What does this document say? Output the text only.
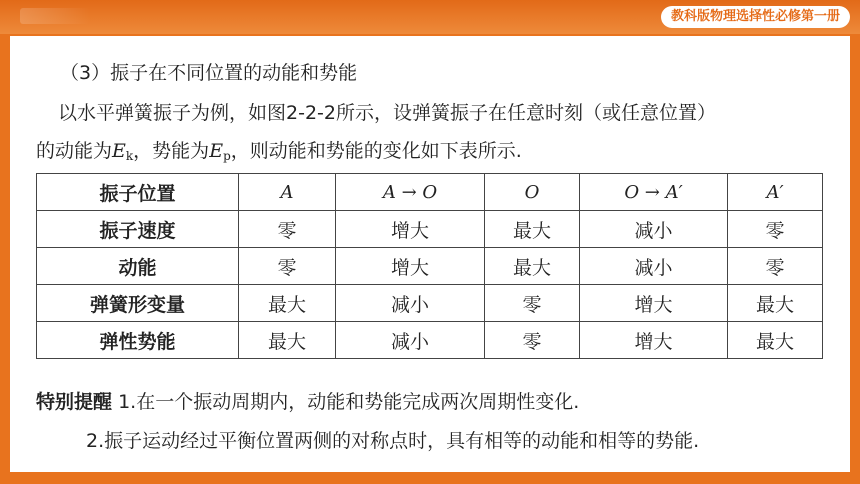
教科版物理选择性必修第一册
（3）振子在不同位置的动能和势能
以水平弹簧振子为例，如图2-2-2所示，设弹簧振子在任意时刻（或任意位置）
的动能为$E_k$，势能为$E_p$，则动能和势能的变化如下表所示.
振子位置	A	A → O	O	O → A′	A′
振子速度	零	增大	最大	减小	零
动能	零	增大	最大	减小	零
弹簧形变量	最大	减小	零	增大	最大
弹性势能	最大	减小	零	增大	最大
特别提醒 1.在一个振动周期内，动能和势能完成两次周期性变化.
2.振子运动经过平衡位置两侧的对称点时，具有相等的动能和相等的势能.
